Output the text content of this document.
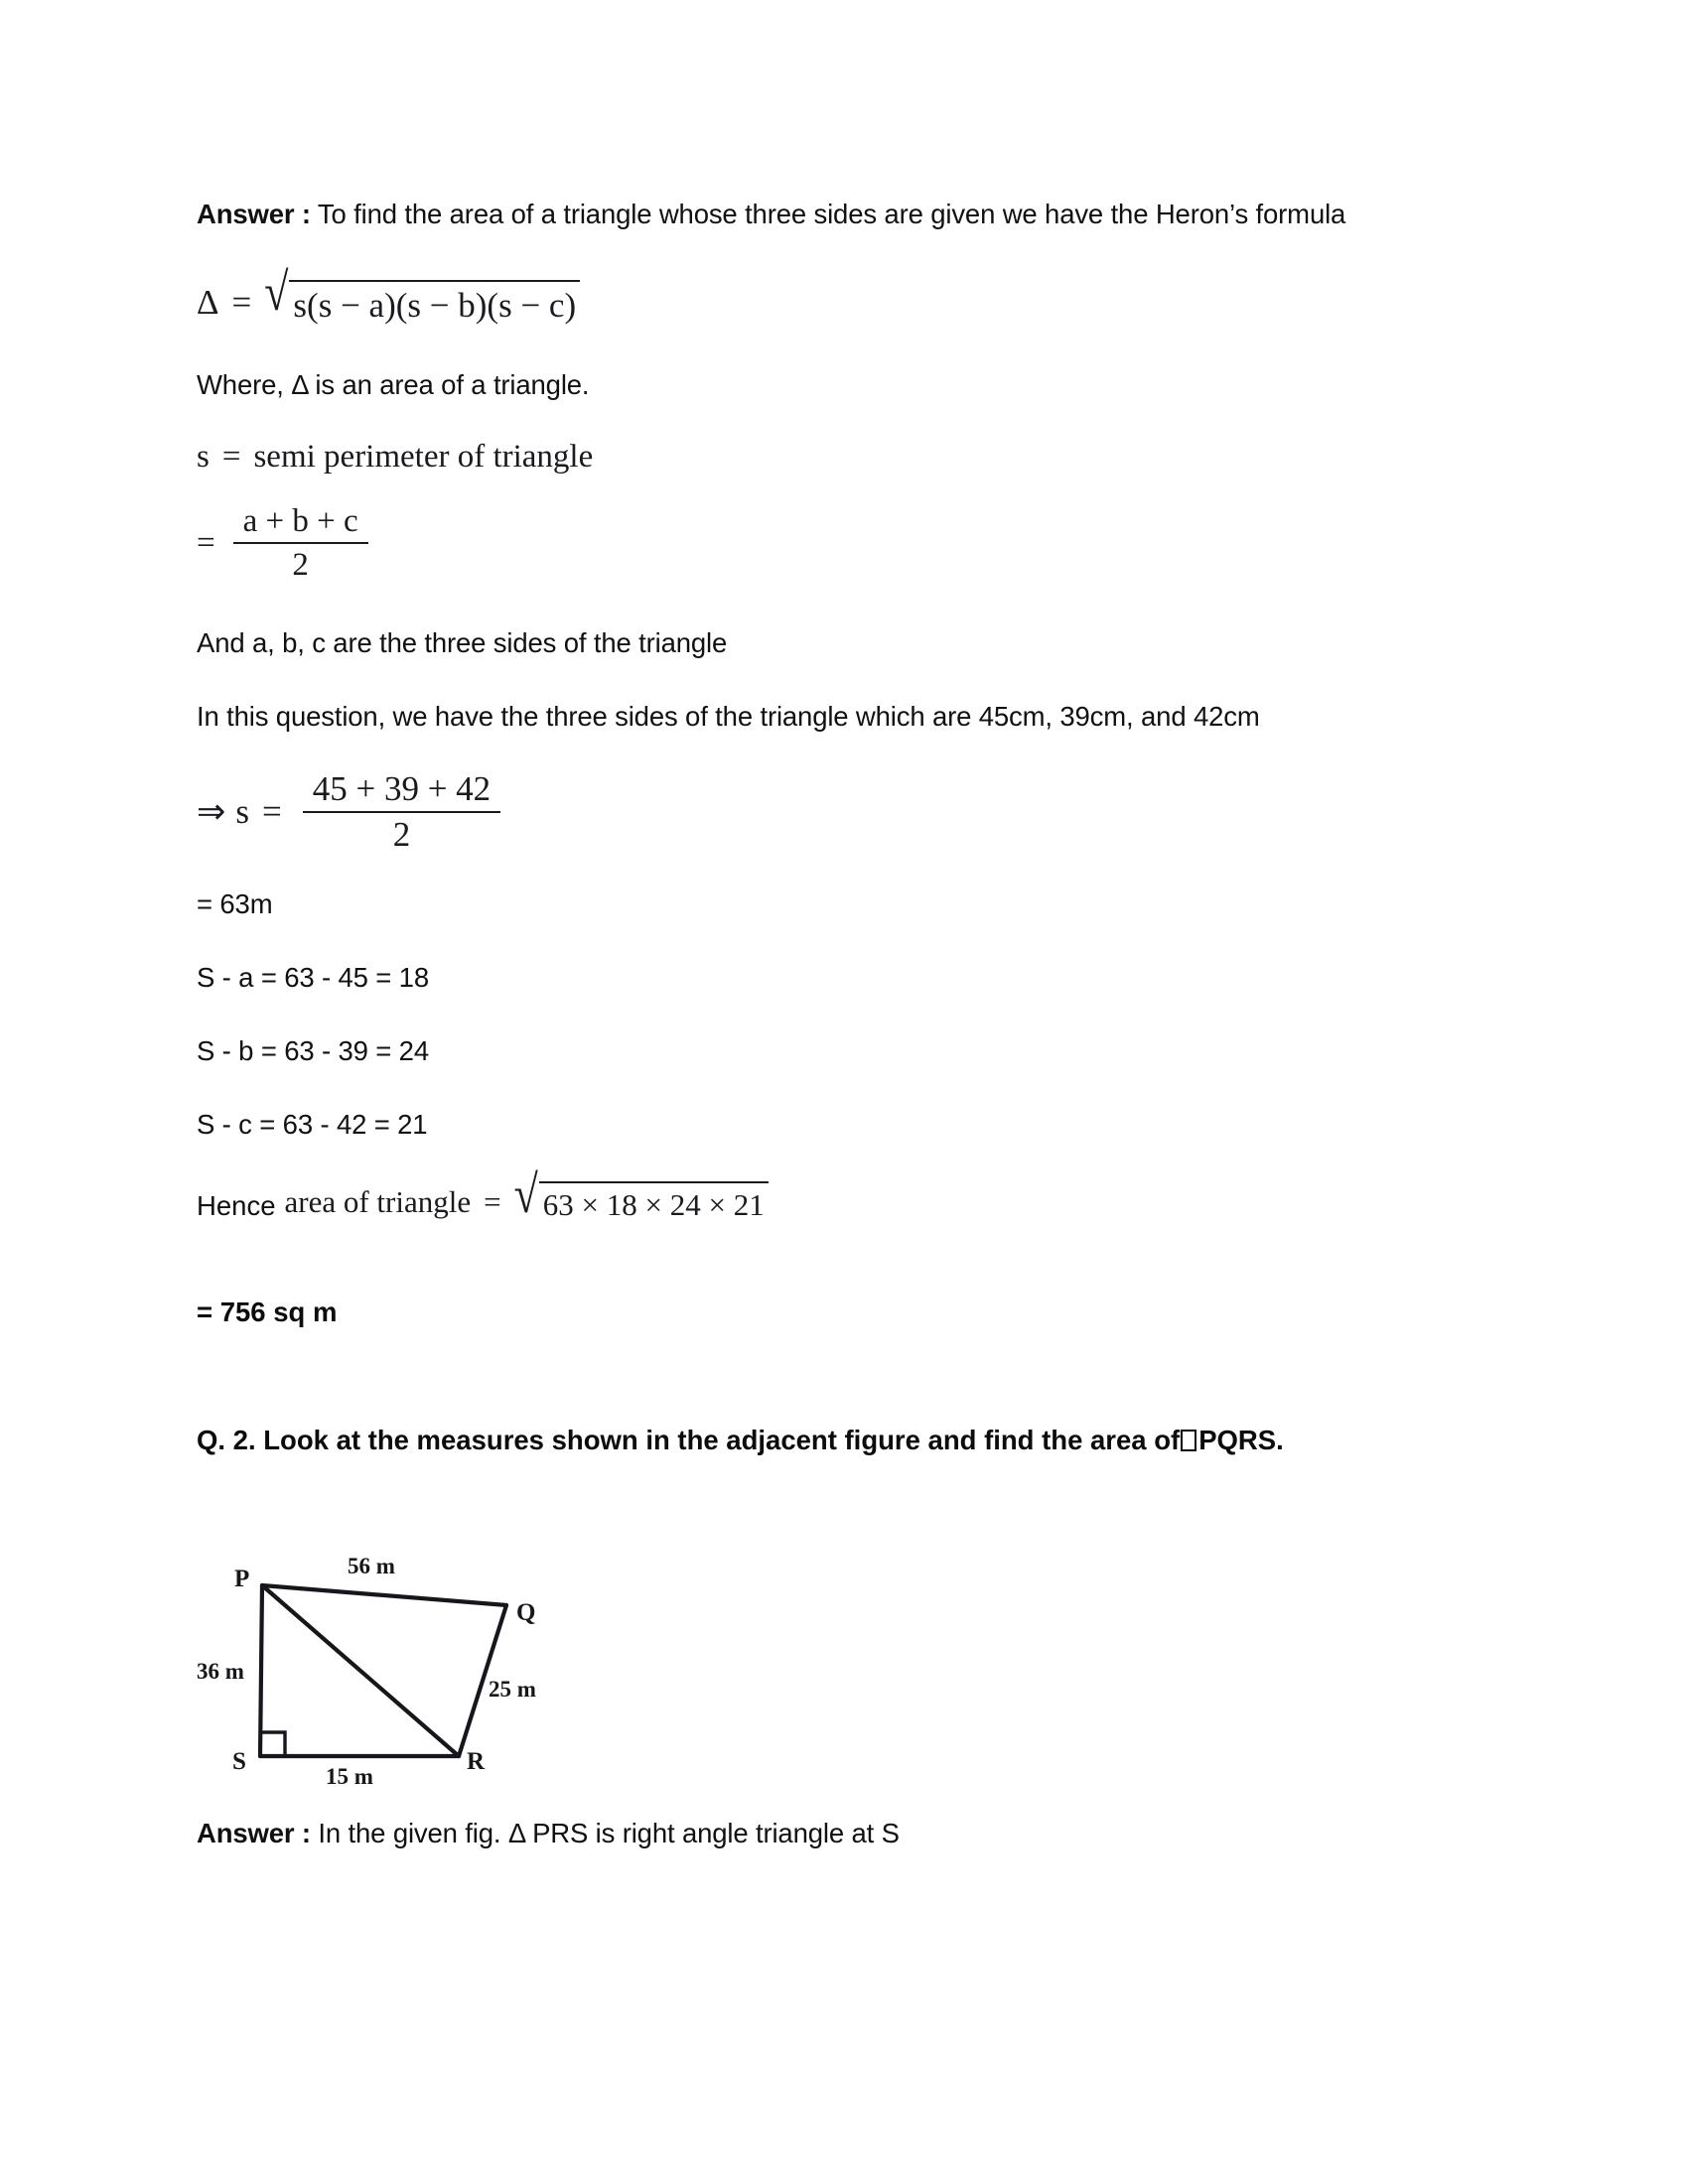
Answer : To find the area of a triangle whose three sides are given we have the Heron’s formula

Δ = √ s(s − a)(s − b)(s − c)

Where, Δ is an area of a triangle.

s = semi perimeter of triangle
= $\frac{a + b + c}{2}$

And a, b, c are the three sides of the triangle

In this question, we have the three sides of the triangle which are 45cm, 39cm, and 42cm

⇒ $s = \frac{45 + 39 + 42}{2}$

= 63m

S - a = 63 - 45 = 18

S - b = 63 - 39 = 24

S - c = 63 - 42 = 21

Hence area of triangle = √ 63 × 18 × 24 × 21

= 756 sq m

Q. 2. Look at the measures shown in the adjacent figure and find the area of PQRS.

P
Q
R
S
56 m
36 m
25 m
15 m

Answer : In the given fig. Δ PRS is right angle triangle at S
